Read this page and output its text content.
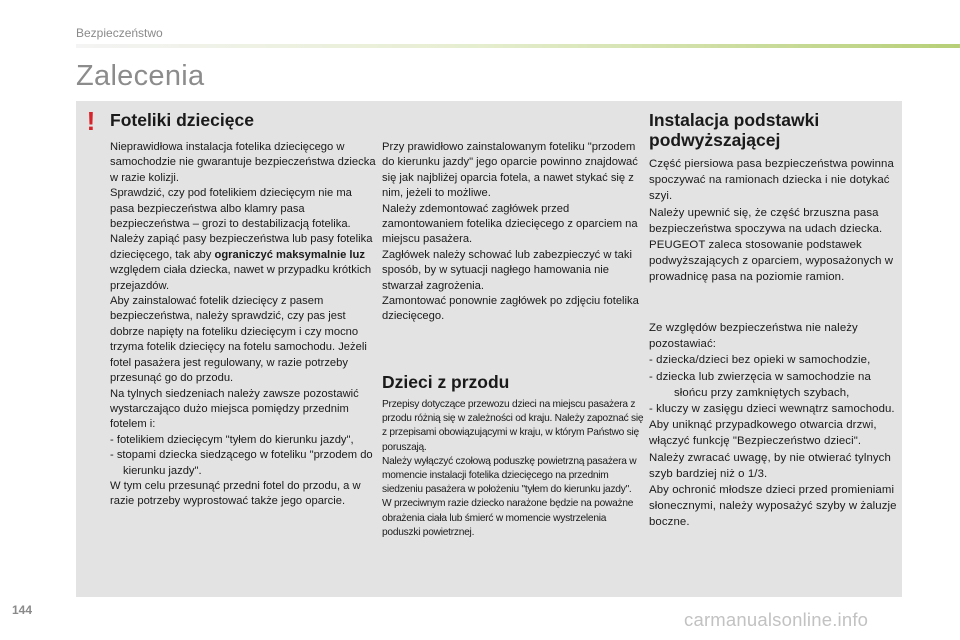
Bezpieczeństwo
Zalecenia
! Foteliki dziecięce

Nieprawidłowa instalacja fotelika dziecięcego w samochodzie nie gwarantuje bezpieczeństwa dziecka w razie kolizji.

Sprawdzić, czy pod fotelikiem dziecięcym nie ma pasa bezpieczeństwa albo klamry pasa bezpieczeństwa – grozi to destabilizacją fotelika.

Należy zapiąć pasy bezpieczeństwa lub pasy fotelika dziecięcego, tak aby ograniczyć maksymalnie luz względem ciała dziecka, nawet w przypadku krótkich przejazdów.

Aby zainstalować fotelik dziecięcy z pasem bezpieczeństwa, należy sprawdzić, czy pas jest dobrze napięty na foteliku dziecięcym i czy mocno trzyma fotelik dziecięcy na fotelu samochodu. Jeżeli fotel pasażera jest regulowany, w razie potrzeby przesunąć go do przodu.

Na tylnych siedzeniach należy zawsze pozostawić wystarczająco dużo miejsca pomiędzy przednim fotelem i:

- fotelikiem dziecięcym "tyłem do kierunku jazdy",

- stopami dziecka siedzącego w foteliku "przodem do kierunku jazdy".

W tym celu przesunąć przedni fotel do przodu, a w razie potrzeby wyprostować także jego oparcie.

Przy prawidłowo zainstalowanym foteliku "przodem do kierunku jazdy" jego oparcie powinno znajdować się jak najbliżej oparcia fotela, a nawet stykać się z nim, jeżeli to możliwe.

Należy zdemontować zagłówek przed zamontowaniem fotelika dziecięcego z oparciem na miejscu pasażera.

Zagłówek należy schować lub zabezpieczyć w taki sposób, by w sytuacji nagłego hamowania nie stwarzał zagrożenia.

Zamontować ponownie zagłówek po zdjęciu fotelika dziecięcego.

Dzieci z przodu

Przepisy dotyczące przewozu dzieci na miejscu pasażera z przodu różnią się w zależności od kraju. Należy zapoznać się z przepisami obowiązującymi w kraju, w którym Państwo się poruszają.

Należy wyłączyć czołową poduszkę powietrzną pasażera w momencie instalacji fotelika dziecięcego na przednim siedzeniu pasażera w położeniu "tyłem do kierunku jazdy".

W przeciwnym razie dziecko narażone będzie na poważne obrażenia ciała lub śmierć w momencie wystrzelenia poduszki powietrznej.

Instalacja podstawki podwyższającej

Część piersiowa pasa bezpieczeństwa powinna spoczywać na ramionach dziecka i nie dotykać szyi.

Należy upewnić się, że część brzuszna pasa bezpieczeństwa spoczywa na udach dziecka.

PEUGEOT zaleca stosowanie podstawek podwyższających z oparciem, wyposażonych w prowadnicę pasa na poziomie ramion.

Ze względów bezpieczeństwa nie należy pozostawiać:

- dziecka/dzieci bez opieki w samochodzie,

- dziecka lub zwierzęcia w samochodzie na słońcu przy zamkniętych szybach,

- kluczy w zasięgu dzieci wewnątrz samochodu.

Aby uniknąć przypadkowego otwarcia drzwi, włączyć funkcję "Bezpieczeństwo dzieci".

Należy zwracać uwagę, by nie otwierać tylnych szyb bardziej niż o 1/3.

Aby ochronić młodsze dzieci przed promieniami słonecznymi, należy wyposażyć szyby w żaluzje boczne.

144	carmanualsonline.info
